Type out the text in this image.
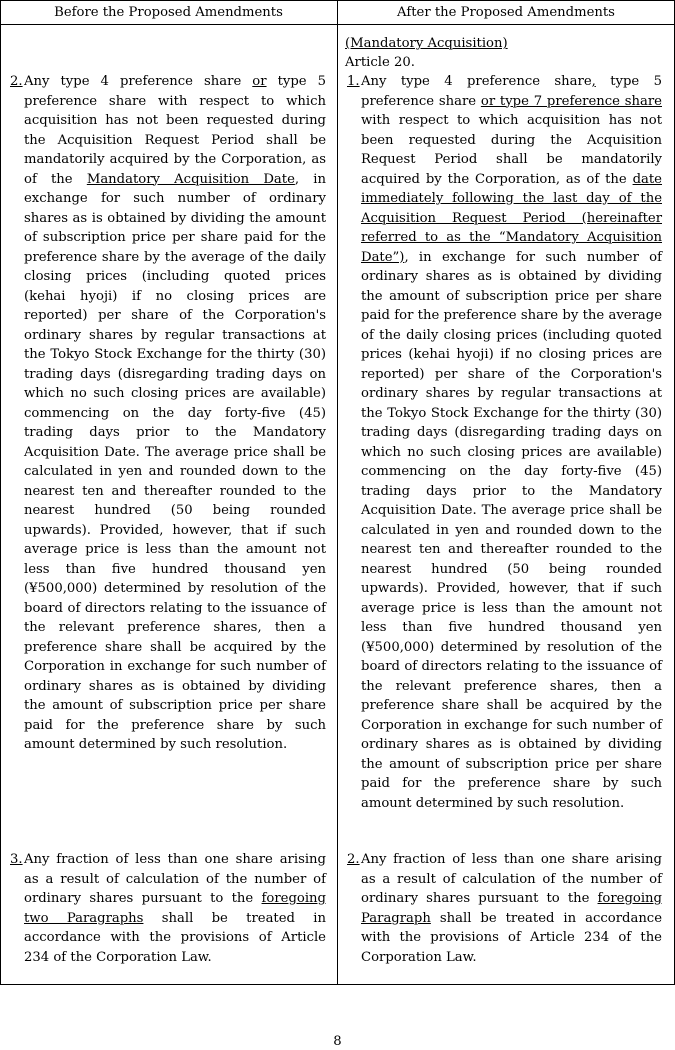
Before the Proposed Amendments	After the Proposed Amendments
2. Any type 4 preference share or type 5 preference share with respect to which acquisition has not been requested during the Acquisition Request Period shall be mandatorily acquired by the Corporation, as of the Mandatory Acquisition Date, in exchange for such number of ordinary shares as is obtained by dividing the amount of subscription price per share paid for the preference share by the average of the daily closing prices (including quoted prices (kehai hyoji) if no closing prices are reported) per share of the Corporation's ordinary shares by regular transactions at the Tokyo Stock Exchange for the thirty (30) trading days (disregarding trading days on which no such closing prices are available) commencing on the day forty-five (45) trading days prior to the Mandatory Acquisition Date. The average price shall be calculated in yen and rounded down to the nearest ten and thereafter rounded to the nearest hundred (50 being rounded upwards). Provided, however, that if such average price is less than the amount not less than five hundred thousand yen (¥500,000) determined by resolution of the board of directors relating to the issuance of the relevant preference shares, then a preference share shall be acquired by the Corporation in exchange for such number of ordinary shares as is obtained by dividing the amount of subscription price per share paid for the preference share by such amount determined by such resolution.
3. Any fraction of less than one share arising as a result of calculation of the number of ordinary shares pursuant to the foregoing two Paragraphs shall be treated in accordance with the provisions of Article 234 of the Corporation Law.
(Mandatory Acquisition)
Article 20.
1. Any type 4 preference share, type 5 preference share or type 7 preference share with respect to which acquisition has not been requested during the Acquisition Request Period shall be mandatorily acquired by the Corporation, as of the date immediately following the last day of the Acquisition Request Period (hereinafter referred to as the “Mandatory Acquisition Date”), in exchange for such number of ordinary shares as is obtained by dividing the amount of subscription price per share paid for the preference share by the average of the daily closing prices (including quoted prices (kehai hyoji) if no closing prices are reported) per share of the Corporation's ordinary shares by regular transactions at the Tokyo Stock Exchange for the thirty (30) trading days (disregarding trading days on which no such closing prices are available) commencing on the day forty-five (45) trading days prior to the Mandatory Acquisition Date. The average price shall be calculated in yen and rounded down to the nearest ten and thereafter rounded to the nearest hundred (50 being rounded upwards). Provided, however, that if such average price is less than the amount not less than five hundred thousand yen (¥500,000) determined by resolution of the board of directors relating to the issuance of the relevant preference shares, then a preference share shall be acquired by the Corporation in exchange for such number of ordinary shares as is obtained by dividing the amount of subscription price per share paid for the preference share by such amount determined by such resolution.
2. Any fraction of less than one share arising as a result of calculation of the number of ordinary shares pursuant to the foregoing Paragraph shall be treated in accordance with the provisions of Article 234 of the Corporation Law.
8
